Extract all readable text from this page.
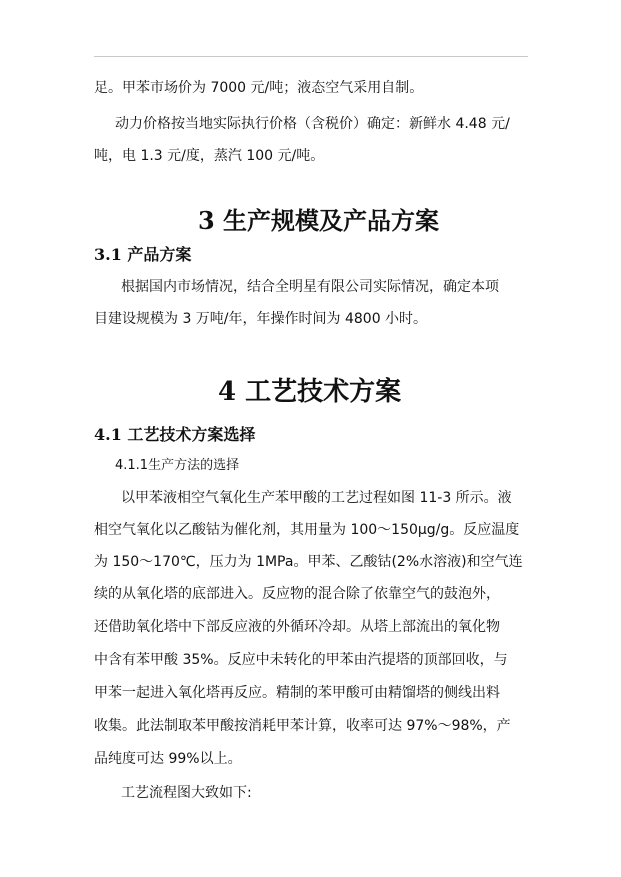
足。甲苯市场价为 7000 元/吨；液态空气采用自制。
动力价格按当地实际执行价格（含税价）确定：新鲜水 4.48 元/
吨，电 1.3 元/度，蒸汽 100 元/吨。
3 生产规模及产品方案
3.1 产品方案
根据国内市场情况，结合全明星有限公司实际情况，确定本项
目建设规模为 3 万吨/年，年操作时间为 4800 小时。
4 工艺技术方案
4.1 工艺技术方案选择
4.1.1生产方法的选择
以甲苯液相空气氧化生产苯甲酸的工艺过程如图 11-3 所示。液
相空气氧化以乙酸钴为催化剂，其用量为 100～150μg/g。反应温度
为 150～170℃，压力为 1MPa。甲苯、乙酸钴(2%水溶液)和空气连
续的从氧化塔的底部进入。反应物的混合除了依靠空气的鼓泡外，
还借助氧化塔中下部反应液的外循环冷却。从塔上部流出的氧化物
中含有苯甲酸 35%。反应中未转化的甲苯由汽提塔的顶部回收，与
甲苯一起进入氧化塔再反应。精制的苯甲酸可由精馏塔的侧线出料
收集。此法制取苯甲酸按消耗甲苯计算，收率可达 97%～98%，产
品纯度可达 99%以上。
工艺流程图大致如下:
